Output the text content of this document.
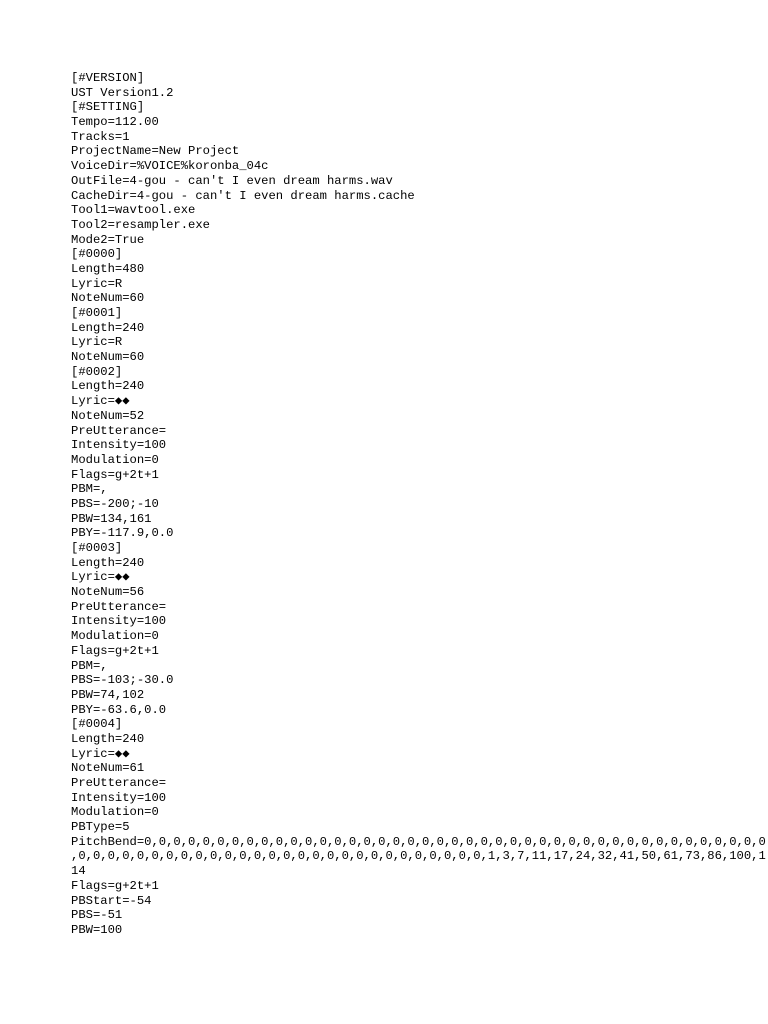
[#VERSION]
UST Version1.2
[#SETTING]
Tempo=112.00
Tracks=1
ProjectName=New Project
VoiceDir=%VOICE%koronba_04c
OutFile=4-gou - can't I even dream harms.wav
CacheDir=4-gou - can't I even dream harms.cache
Tool1=wavtool.exe
Tool2=resampler.exe
Mode2=True
[#0000]
Length=480
Lyric=R
NoteNum=60
[#0001]
Length=240
Lyric=R
NoteNum=60
[#0002]
Length=240
Lyric=◆◆
NoteNum=52
PreUtterance=
Intensity=100
Modulation=0
Flags=g+2t+1
PBM=,
PBS=-200;-10
PBW=134,161
PBY=-117.9,0.0
[#0003]
Length=240
Lyric=◆◆
NoteNum=56
PreUtterance=
Intensity=100
Modulation=0
Flags=g+2t+1
PBM=,
PBS=-103;-30.0
PBW=74,102
PBY=-63.6,0.0
[#0004]
Length=240
Lyric=◆◆
NoteNum=61
PreUtterance=
Intensity=100
Modulation=0
PBType=5
PitchBend=0,0,0,0,0,0,0,0,0,0,0,0,0,0,0,0,0,0,0,0,0,0,0,0,0,0,0,0,0,0,0,0,0,0,0,0,0,0,0,0,0,0,0
,0,0,0,0,0,0,0,0,0,0,0,0,0,0,0,0,0,0,0,0,0,0,0,0,0,0,0,0,1,3,7,11,17,24,32,41,50,61,73,86,100,1
14
Flags=g+2t+1
PBStart=-54
PBS=-51
PBW=100
